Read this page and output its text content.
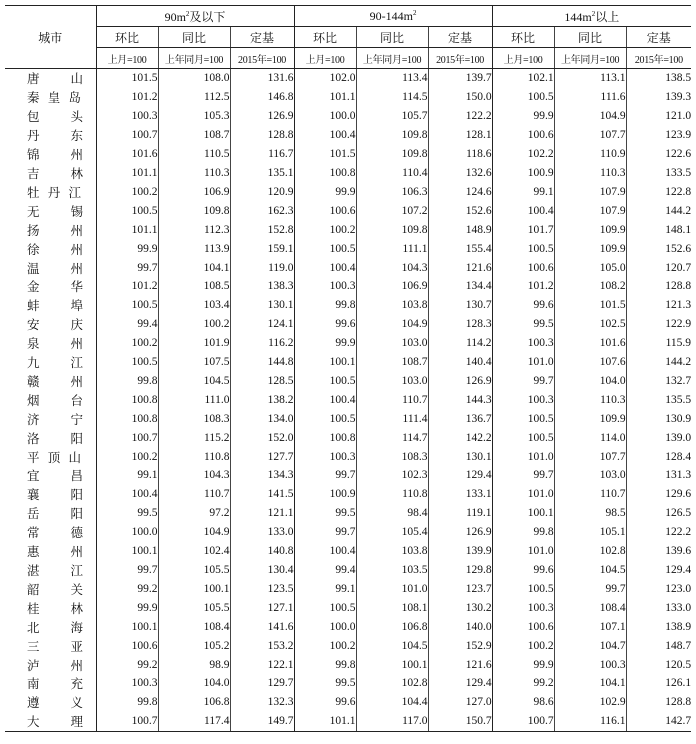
城市	$90m^2$及以下			$90-144m^2$			$144m^2$以上		
	环比	同比	定基	环比	同比	定基	环比	同比	定基
	上月=100	上年同月=100	2015年=100	上月=100	上年同月=100	2015年=100	上月=100	上年同月=100	2015年=100
唐山	101.5	108.0	131.6	102.0	113.4	139.7	102.1	113.1	138.5
秦皇岛	101.2	112.5	146.8	101.1	114.5	150.0	100.5	111.6	139.3
包头	100.3	105.3	126.9	100.0	105.7	122.2	99.9	104.9	121.0
丹东	100.7	108.7	128.8	100.4	109.8	128.1	100.6	107.7	123.9
锦州	101.6	110.5	116.7	101.5	109.8	118.6	102.2	110.9	122.6
吉林	101.1	110.3	135.1	100.8	110.4	132.6	100.9	110.3	133.5
牡丹江	100.2	106.9	120.9	99.9	106.3	124.6	99.1	107.9	122.8
无锡	100.5	109.8	162.3	100.6	107.2	152.6	100.4	107.9	144.2
扬州	101.1	112.3	152.8	100.2	109.8	148.9	101.7	109.9	148.1
徐州	99.9	113.9	159.1	100.5	111.1	155.4	100.5	109.9	152.6
温州	99.7	104.1	119.0	100.4	104.3	121.6	100.6	105.0	120.7
金华	101.2	108.5	138.3	100.3	106.9	134.4	101.2	108.2	128.8
蚌埠	100.5	103.4	130.1	99.8	103.8	130.7	99.6	101.5	121.3
安庆	99.4	100.2	124.1	99.6	104.9	128.3	99.5	102.5	122.9
泉州	100.2	101.9	116.2	99.9	103.0	114.2	100.3	101.6	115.9
九江	100.5	107.5	144.8	100.1	108.7	140.4	101.0	107.6	144.2
赣州	99.8	104.5	128.5	100.5	103.0	126.9	99.7	104.0	132.7
烟台	100.8	111.0	138.2	100.4	110.7	144.3	100.3	110.3	135.5
济宁	100.8	108.3	134.0	100.5	111.4	136.7	100.5	109.9	130.9
洛阳	100.7	115.2	152.0	100.8	114.7	142.2	100.5	114.0	139.0
平顶山	100.2	110.8	127.7	100.3	108.3	130.1	101.0	107.7	128.4
宜昌	99.1	104.3	134.3	99.7	102.3	129.4	99.7	103.0	131.3
襄阳	100.4	110.7	141.5	100.9	110.8	133.1	101.0	110.7	129.6
岳阳	99.5	97.2	121.1	99.5	98.4	119.1	100.1	98.5	126.5
常德	100.0	104.9	133.0	99.7	105.4	126.9	99.8	105.1	122.2
惠州	100.1	102.4	140.8	100.4	103.8	139.9	101.0	102.8	139.6
湛江	99.7	105.5	130.4	99.4	103.5	129.8	99.6	104.5	129.4
韶关	99.2	100.1	123.5	99.1	101.0	123.7	100.5	99.7	123.0
桂林	99.9	105.5	127.1	100.5	108.1	130.2	100.3	108.4	133.0
北海	100.1	108.4	141.6	100.0	106.8	140.0	100.6	107.1	138.9
三亚	100.6	105.2	153.2	100.2	104.5	152.9	100.2	104.7	148.7
泸州	99.2	98.9	122.1	99.8	100.1	121.6	99.9	100.3	120.5
南充	100.3	104.0	129.7	99.5	102.8	129.4	99.2	104.1	126.1
遵义	99.8	106.8	132.3	99.6	104.4	127.0	98.6	102.9	128.8
大理	100.7	117.4	149.7	101.1	117.0	150.7	100.7	116.1	142.7
